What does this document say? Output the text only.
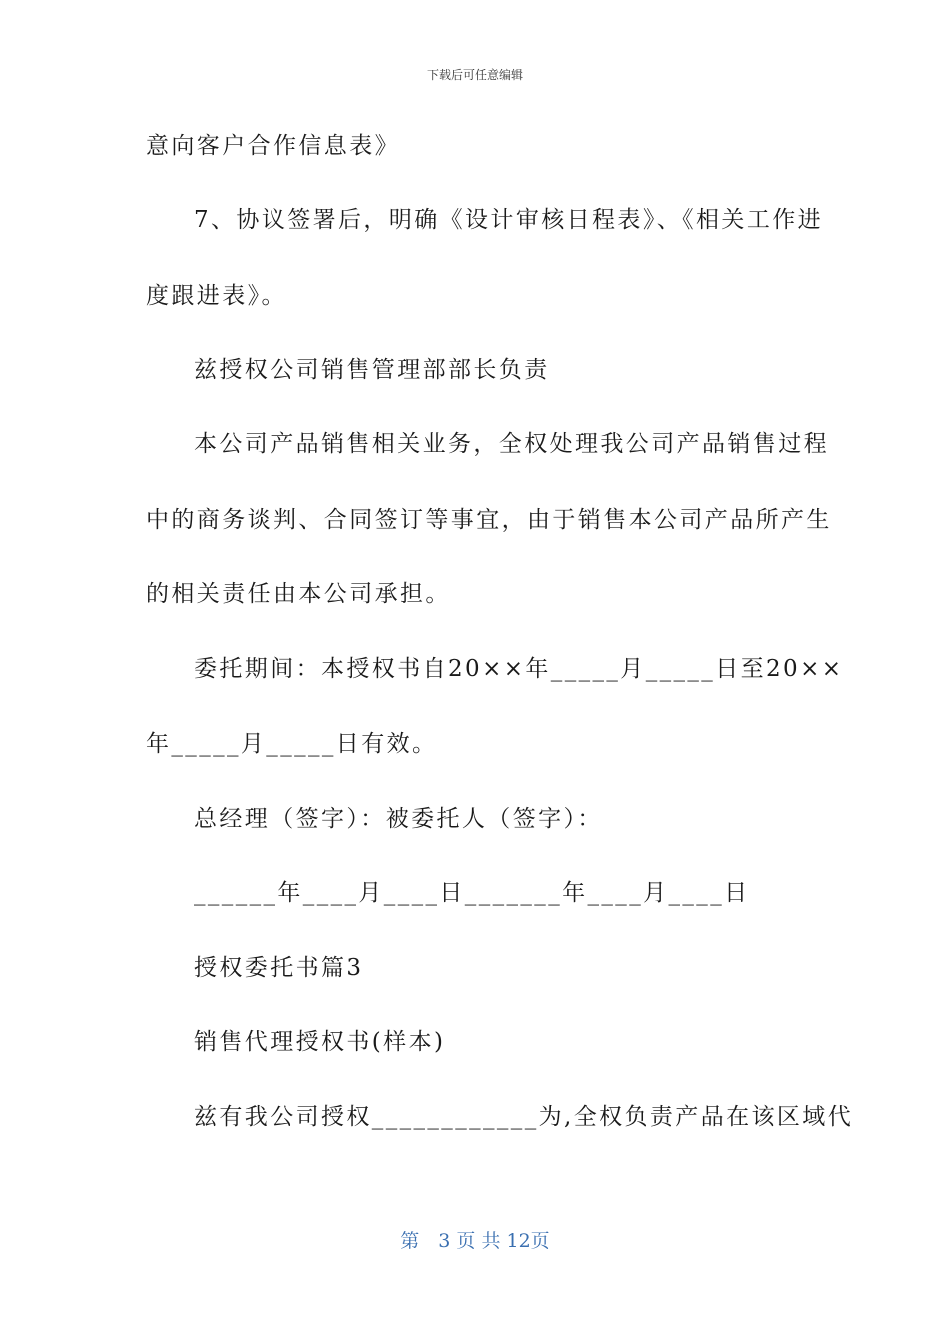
下载后可任意编辑
意向客户合作信息表》
7、协议签署后，明确《设计审核日程表》、《相关工作进
度跟进表》。
兹授权公司销售管理部部长负责
本公司产品销售相关业务，全权处理我公司产品销售过程
中的商务谈判、合同签订等事宜，由于销售本公司产品所产生
的相关责任由本公司承担。
委托期间：本授权书自20××年_____月_____日至20××
年_____月_____日有效。
总经理（签字）：被委托人（签字）：
______年____月____日_______年____月____日
授权委托书篇3
销售代理授权书(样本)
兹有我公司授权____________为,全权负责产品在该区域代
第　3 页 共 12页
